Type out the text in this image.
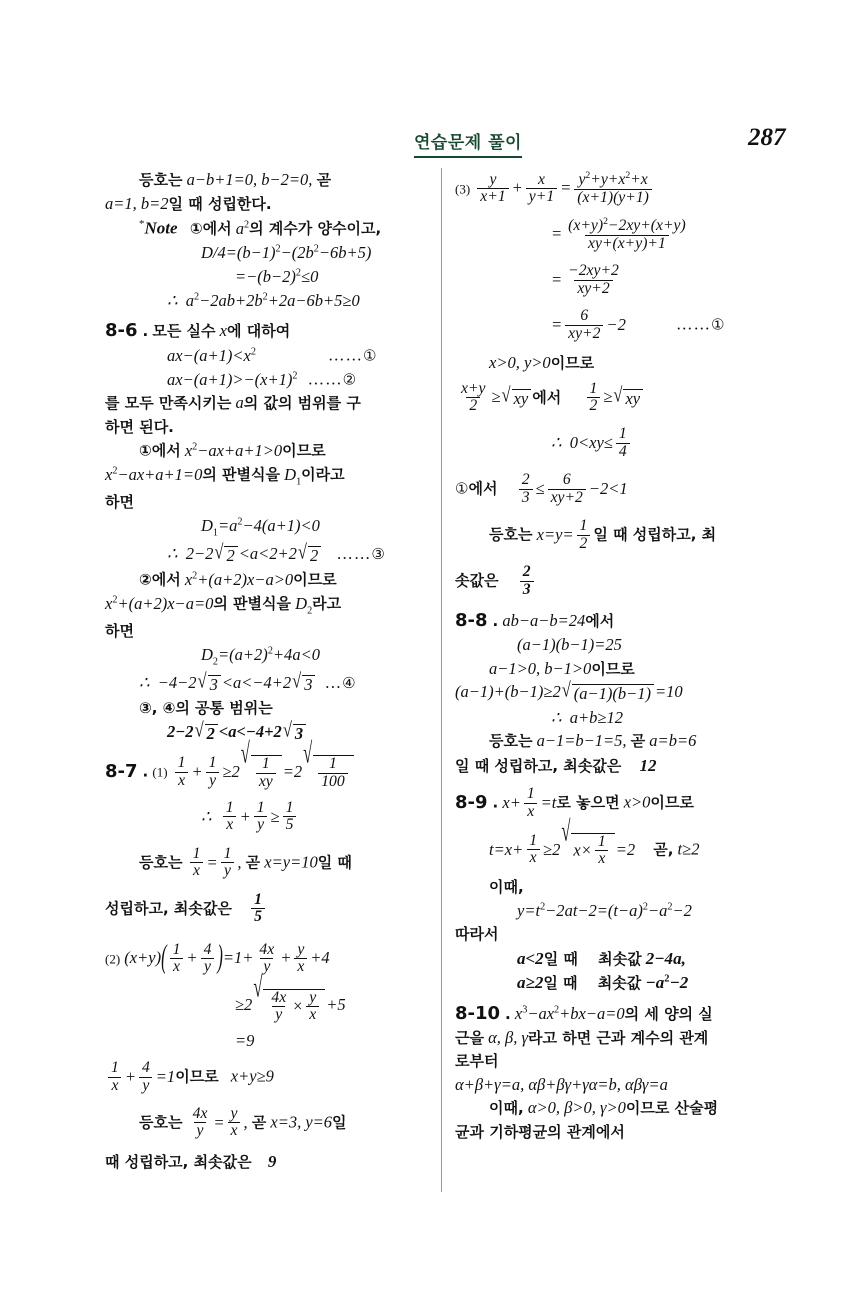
연습문제 풀이	287
등호는 a−b+1=0, b−2=0, 곧
a=1, b=2일 때 성립한다.
*Note ①에서 $a^2$의 계수가 양수이고,
$D/4=(b-1)^2-(2b^2-6b+5)$
$=-(b-2)^2\le 0$
∴  $a^2-2ab+2b^2+2a-6b+5\ge 0$
8-6 . 모든 실수 x에 대하여
$ax-(a+1)<x^2$	……①
$ax-(a+1)>-(x+1)^2$ ……②
를 모두 만족시키는 a의 값의 범위를 구
하면 된다.
①에서 $x^2-ax+a+1>0$이므로
$x^2-ax+a+1=0$의 판별식을 $D_1$이라고
하면
$D_1=a^2-4(a+1)<0$
∴  2−2 √ 2 <a<2+2 √ 2 ……③
②에서 $x^2+(a+2)x-a>0$이므로
$x^2+(a+2)x-a=0$의 판별식을 $D_2$라고
하면
$D_2=(a+2)^2+4a<0$
∴  −4−2 √ 3 <a<−4+2 √ 3 …④
③, ④의 공통 범위는
2−2 √ 2 <a<−4+2 √ 3
8-7 . $(1) \frac{1}{x} + \frac{1}{y} \ge 2$
√
$\frac{1}{xy} =2$
√
$\frac{1}{100}$
∴ $\frac{1}{x} + \frac{1}{y} \ge \frac{1}{5}$
등호는 $\frac{1}{x} = \frac{1}{y}$ , 곧 x=y=10일 때
성립하고, 최솟값은 $\frac{1}{5}$
(2) $(x+y)( \frac{1}{x} + \frac{4}{y} )=1+ \frac{4x}{y} + \frac{y}{x} +4$
≥2
√
$\frac{4x}{y} \times \frac{y}{x} +5$
=9
$\frac{1}{x} + \frac{4}{y} =1$이므로 x+y≥9
등호는 $\frac{4x}{y} = \frac{y}{x}$ , 곧 x=3, y=6일
때 성립하고, 최솟값은 9
$(3) \frac{y}{x+1} + \frac{x}{y+1} = \frac{y^2+y+x^2+x}{(x+1)(y+1)}$
= $\frac{(x+y)^2-2xy+(x+y)}{xy+(x+y)+1}$
= $\frac{-2xy+2}{xy+2}$
= $\frac{6}{xy+2} -2$	……①
x>0, y>0이므로
$\frac{x+y}{2}$ ≥ √ xy 에서 $\frac{1}{2}$ ≥ √ xy
∴  $0<xy\le \frac{1}{4}$
①에서 $\frac{2}{3} \le \frac{6}{xy+2} -2<1$
등호는 $x=y= \frac{1}{2}$ 일 때 성립하고, 최
솟값은 $\frac{2}{3}$
8-8 . ab−a−b=24에서
(a−1)(b−1)=25
a−1>0, b−1>0이므로
(a−1)+(b−1)≥2 √ (a−1)(b−1) =10
∴  a+b≥12
등호는 a−1=b−1=5, 곧 a=b=6
일 때 성립하고, 최솟값은 12
8-9 . $x+ \frac{1}{x} =t$로 놓으면 x>0이므로
$t=x+ \frac{1}{x} \ge 2$
√
$x\times \frac{1}{x} =2$ 곧, t≥2
이때,
$y=t^2-2at-2=(t-a)^2-a^2-2$
따라서
a<2일 때 최솟값 2−4a,
a≥2일 때 최솟값 $-a^2-2$
8-10 . $x^3-ax^2+bx-a=0$의 세 양의 실
근을 α, β, γ라고 하면 근과 계수의 관계
로부터
α+β+γ=a, αβ+βγ+γα=b, αβγ=a
이때, α>0, β>0, γ>0이므로 산술평
균과 기하평균의 관계에서
